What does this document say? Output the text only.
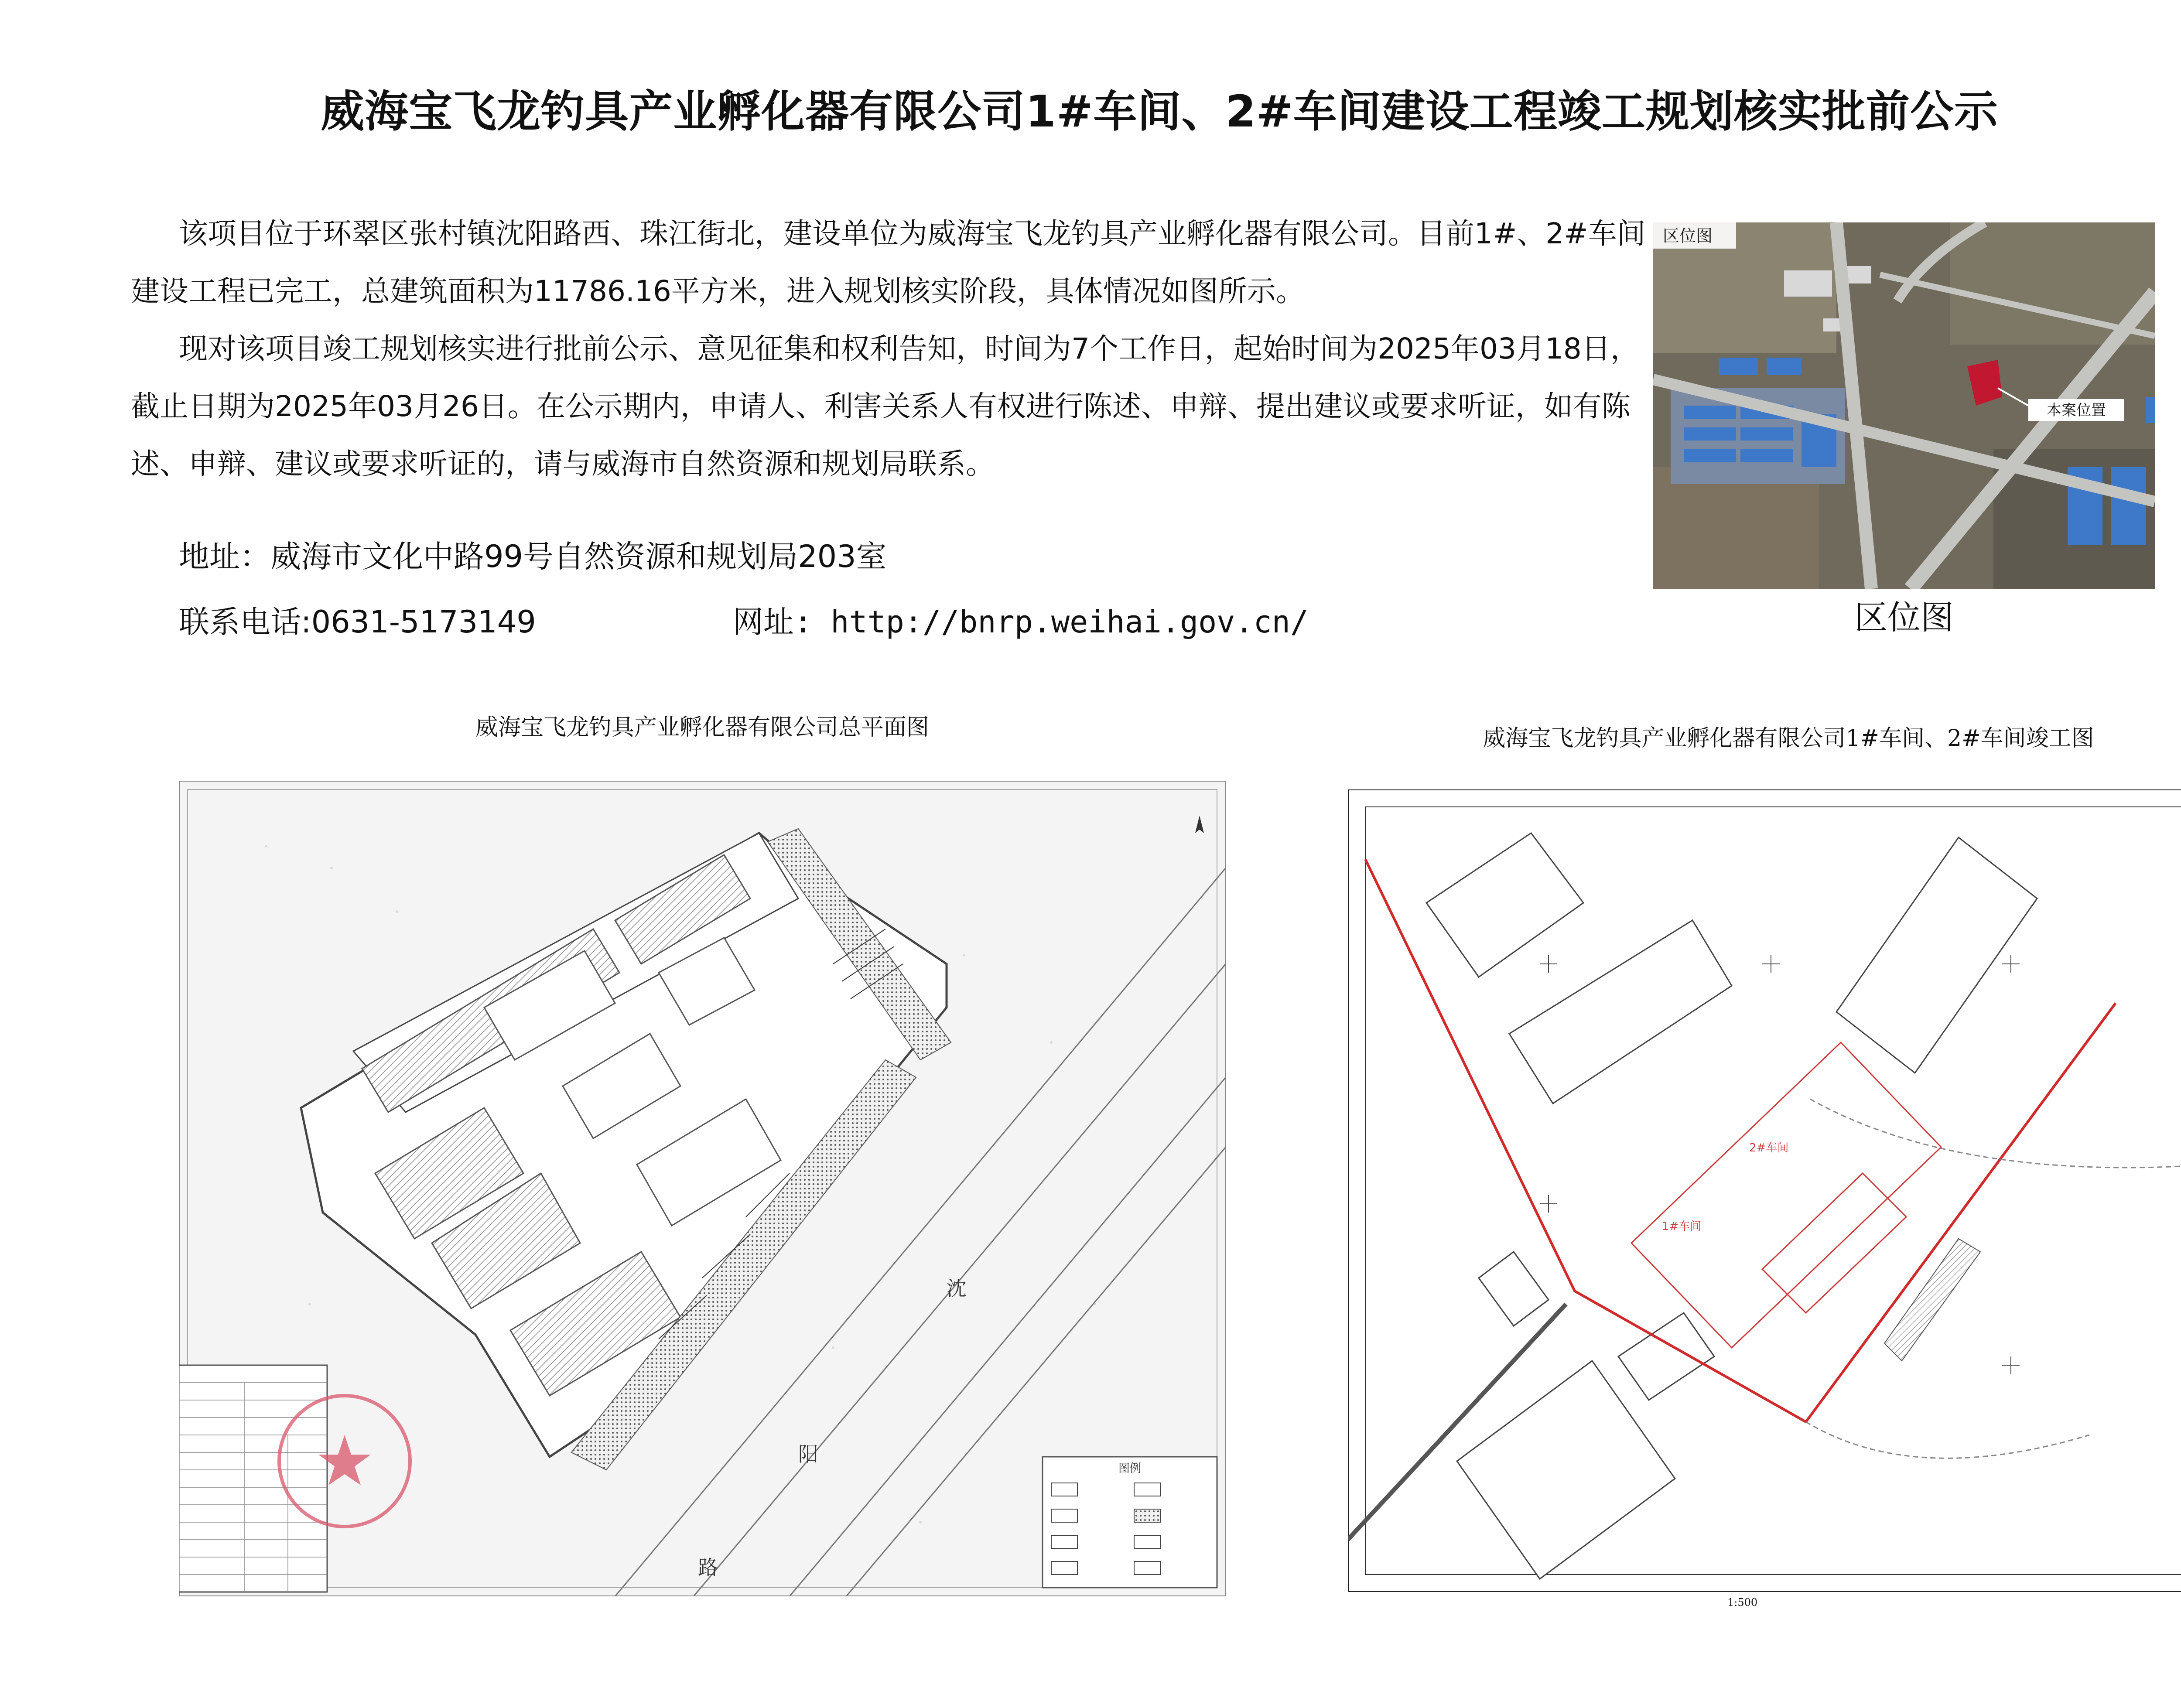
威海宝飞龙钓具产业孵化器有限公司1#车间、2#车间建设工程竣工规划核实批前公示

该项目位于环翠区张村镇沈阳路西、珠江街北，建设单位为威海宝飞龙钓具产业孵化器有限公司。目前1#、2#车间建设工程已完工，总建筑面积为11786.16平方米，进入规划核实阶段，具体情况如图所示。

现对该项目竣工规划核实进行批前公示、意见征集和权利告知，时间为7个工作日，起始时间为2025年03月18日，截止日期为2025年03月26日。在公示期内，申请人、利害关系人有权进行陈述、申辩、提出建议或要求听证，如有陈述、申辩、建议或要求听证的，请与威海市自然资源和规划局联系。

地址：威海市文化中路99号自然资源和规划局203室
联系电话:0631-5173149	网址: http://bnrp.weihai.gov.cn/
本案位置
区位图
区位图
威海宝飞龙钓具产业孵化器有限公司总平面图
沈
阳
路
图例
威海宝飞龙钓具产业孵化器有限公司1#车间、2#车间竣工图
2#车间
1#车间
1:500
